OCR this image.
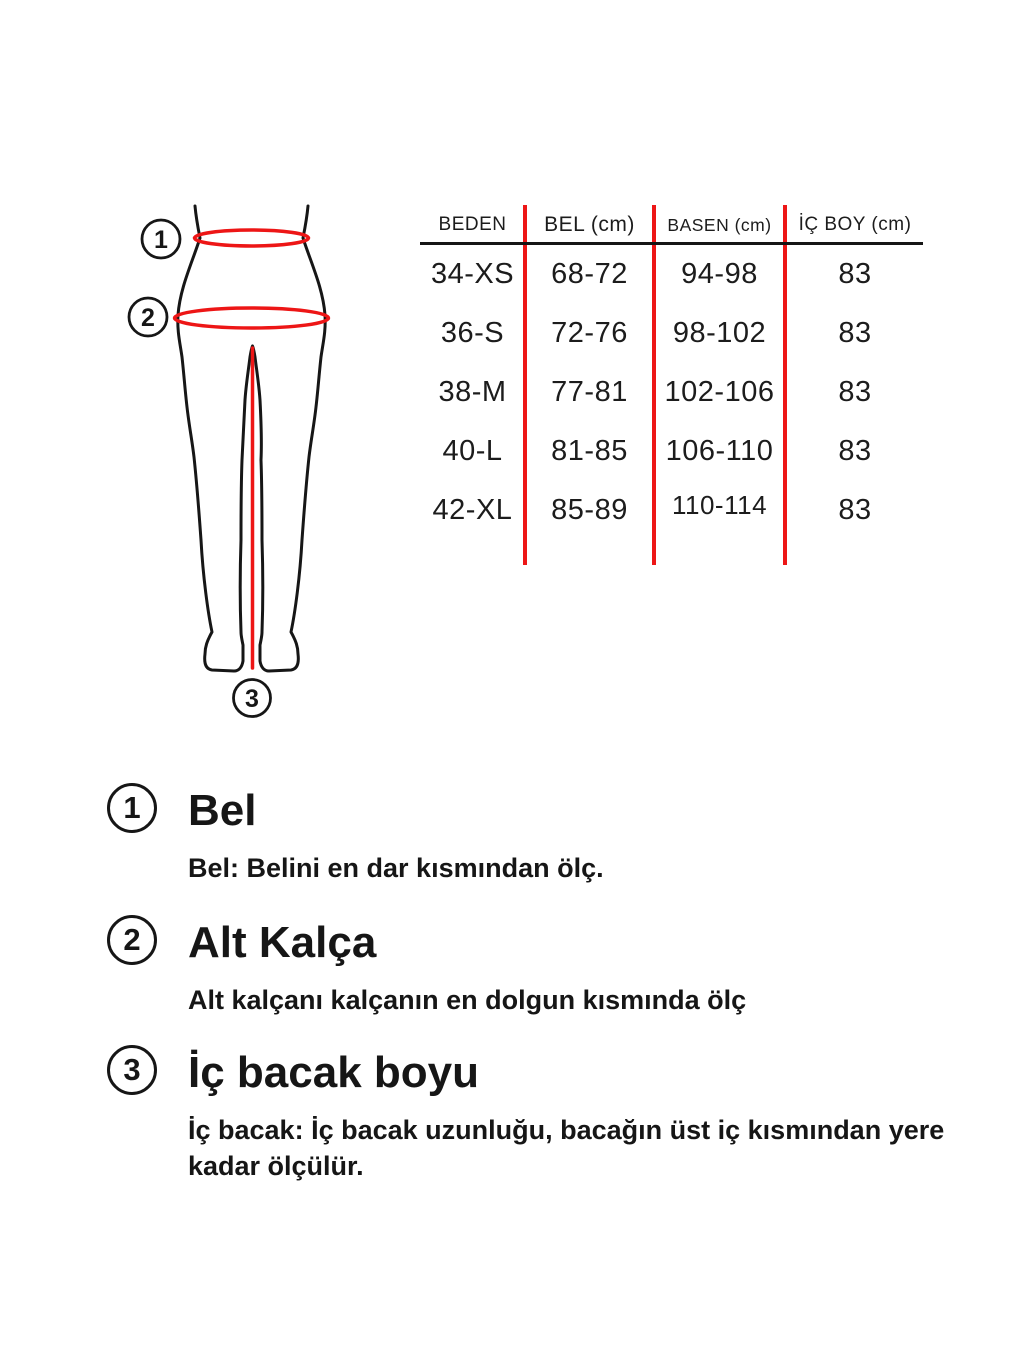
1
2
3
BEDEN	BEL (cm)	BASEN (cm)	İÇ BOY (cm)
34-XS	68-72	94-98	83
36-S	72-76	98-102	83
38-M	77-81	102-106	83
40-L	81-85	106-110	83
42-XL	85-89	110-114	83
1 Bel
Bel: Belini en dar kısmından ölç.
2 Alt Kalça
Alt kalçanı kalçanın en dolgun kısmında ölç
3 İç bacak boyu
İç bacak: İç bacak uzunluğu, bacağın üst iç kısmından yere
kadar ölçülür.
